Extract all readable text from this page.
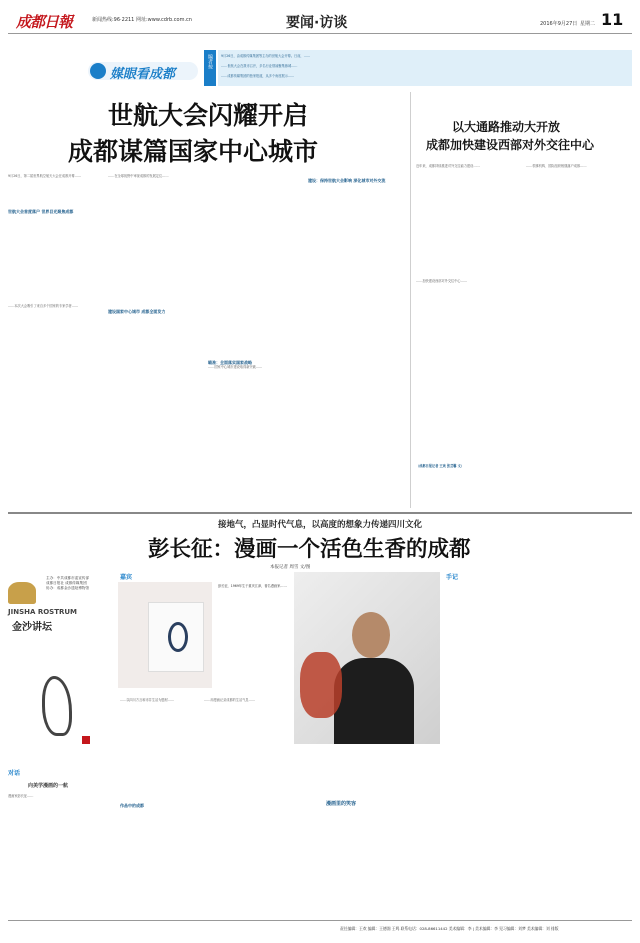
成都日報	新闻热线:96·2211 网址:www.cdrb.com.cn	要闻·访谈	2016年9月27日 星期二 11
媒眼看成都
编者按	9月26日，由成都传媒集团等主办的世航大会开幕。日前，……
……世航大会在我市召开，多名行业领袖聚集蓉城……
……成都传媒集团的独家报道，从多个角度展示……
世航大会闪耀开启
成都谋篇国家中心城市

9月26日，第二届世界航空航天大会在成都开幕……

世航大会首度落户 世界目光聚焦成都

……本次大会吸引了来自多个国家的专家学者……

……在全球视野中审视成都的发展定位……

建设国家中心城市 成都全面发力

瞄准：全面落实国家战略

……国家中心城市建设取得新突破……

建设：保持世航大会影响 深化城市对外交流

以大通路推动大开放
成都加快建设西部对外交往中心

近年来，成都持续推进对外交往能力建设……

……加快建设西部对外交往中心……

（成都日报记者 王欢 张芸馨 文）

……领事机构、国际组织相继落户成都……

接地气，凸显时代气息，以高度的想象力传递四川文化
彭长征：漫画一个活色生香的成都
本报记者 周雪 文/图
JINSHA ROSTRUM
金沙讲坛

主办：中共成都市委宣传部

成都日报社 成都传媒集团

协办：成都金沙遗址博物馆

对话
向美学漫画的一航

漫画家彭长征……

嘉宾
彭长征，1969年生于重庆江津，著名漫画家……
手记
漫画里的笑容

……以四川方言和市井生活为题材……

作品中的成都

……用漫画记录成都的生活气息……

责任编辑：王欢 编辑：王德润 王鸣 联系电话：028-86611442 美术编辑：李 | 美术编辑：李 见习编辑：刘梦 美术编辑：刘 排版
